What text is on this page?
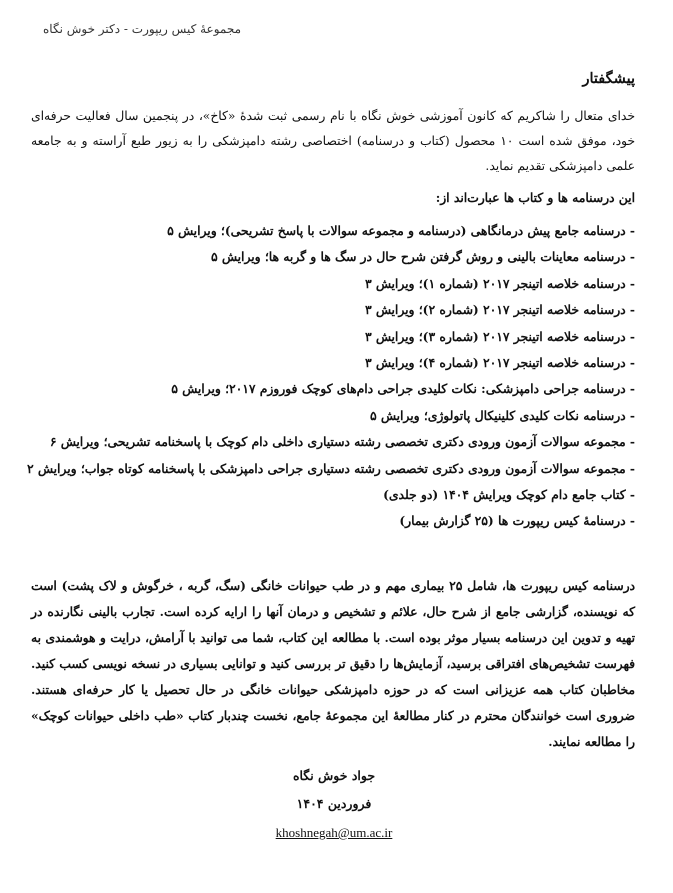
مجموعۀ کیس ریپورت - دکتر خوش نگاه
پیشگفتار

خدای متعال را شاکریم که کانون آموزشی خوش نگاه با نام رسمی ثبت شدۀ «کاخ»، در پنجمین سال فعالیت حرفه‌ای خود، موفق شده است ۱۰ محصول (کتاب و درسنامه) اختصاصی رشته دامپزشکی را به زیور طبع آراسته و به جامعه علمی دامپزشکی تقدیم نماید.

این درسنامه ها و کتاب ها عبارت‌اند از:

- درسنامه جامع پیش درمانگاهی (درسنامه و مجموعه سوالات با پاسخ تشریحی)؛ ویرایش ۵
- درسنامه معاینات بالینی و روش گرفتن شرح حال در سگ ها و گربه ها؛ ویرایش ۵
- درسنامه خلاصه اتینجر ۲۰۱۷ (شماره ۱)؛ ویرایش ۳
- درسنامه خلاصه اتینجر ۲۰۱۷ (شماره ۲)؛ ویرایش ۳
- درسنامه خلاصه اتینجر ۲۰۱۷ (شماره ۳)؛ ویرایش ۳
- درسنامه خلاصه اتینجر ۲۰۱۷ (شماره ۴)؛ ویرایش ۳
- درسنامه جراحی دامپزشکی: نکات کلیدی جراحی دام‌های کوچک فوروزم ۲۰۱۷؛ ویرایش ۵
- درسنامه نکات کلیدی کلینیکال پاتولوژی؛ ویرایش ۵
- مجموعه سوالات آزمون ورودی دکتری تخصصی رشته دستیاری داخلی دام کوچک با پاسخنامه تشریحی؛ ویرایش ۶
- مجموعه سوالات آزمون ورودی دکتری تخصصی رشته دستیاری جراحی دامپزشکی با پاسخنامه کوتاه جواب؛ ویرایش ۲
- کتاب جامع دام کوچک ویرایش ۱۴۰۴ (دو جلدی)
- درسنامۀ کیس ریپورت ها (۲۵ گزارش بیمار)

درسنامه کیس ریپورت ها، شامل ۲۵ بیماری مهم و در طب حیوانات خانگی (سگ، گربه ، خرگوش و لاک پشت) است که نویسنده، گزارشی جامع از شرح حال، علائم و تشخیص و درمان آنها را ارایه کرده است. تجارب بالینی نگارنده در تهیه و تدوین این درسنامه بسیار موثر بوده است. با مطالعه این کتاب، شما می توانید با آرامش، درایت و هوشمندی به فهرست تشخیص‌های افتراقی برسید، آزمایش‌ها را دقیق تر بررسی کنید و توانایی بسیاری در نسخه نویسی کسب کنید. مخاطبان کتاب همه عزیزانی است که در حوزه دامپزشکی حیوانات خانگی در حال تحصیل یا کار حرفه‌ای هستند. ضروری است خوانندگان محترم در کنار مطالعۀ این مجموعۀ جامع، نخست چندبار کتاب «طب داخلی حیوانات کوچک» را مطالعه نمایند.

جواد خوش نگاه
فروردین ۱۴۰۴
khoshnegah@um.ac.ir
